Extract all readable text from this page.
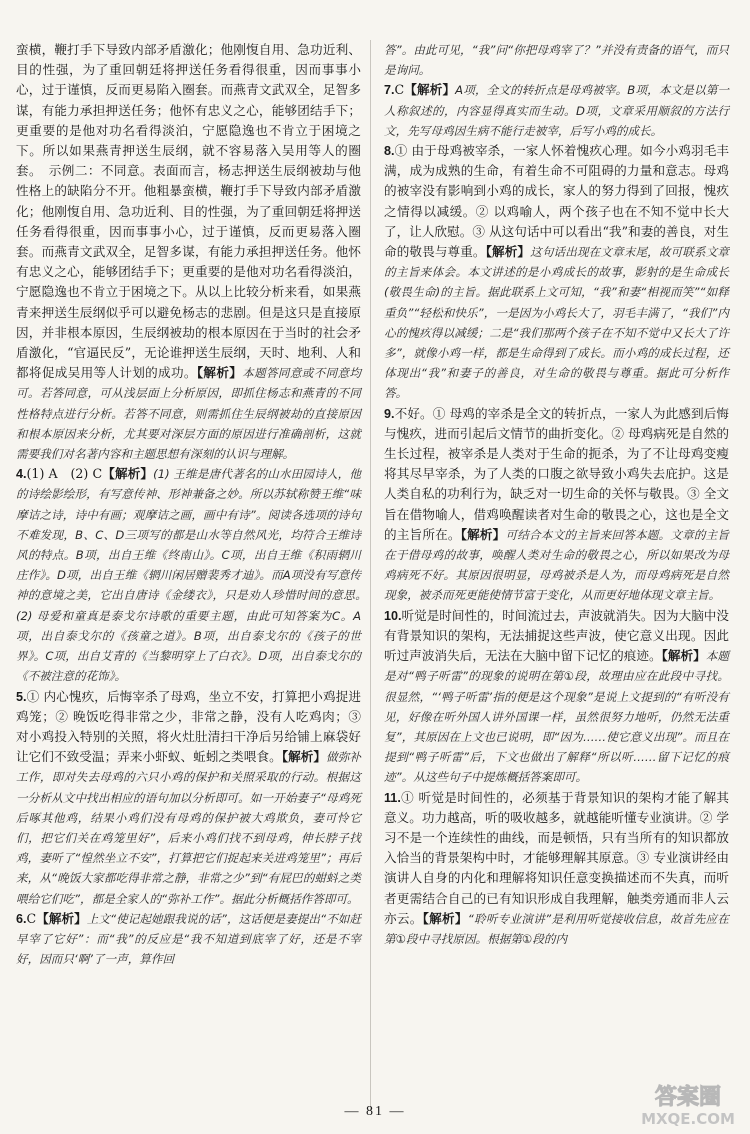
蛮横，鞭打手下导致内部矛盾激化；他刚愎自用、急功近利、目的性强，为了重回朝廷将押送任务看得很重，因而事事小心，过于谨慎，反而更易陷入圈套。而燕青文武双全，足智多谋，有能力承担押送任务；他怀有忠义之心，能够团结手下；更重要的是他对功名看得淡泊，宁愿隐逸也不肯立于困境之下。所以如果燕青押送生辰纲，就不容易落入吴用等人的圈套。　示例二：不同意。表面而言，杨志押送生辰纲被劫与他性格上的缺陷分不开。他粗暴蛮横，鞭打手下导致内部矛盾激化；他刚愎自用、急功近利、目的性强，为了重回朝廷将押送任务看得很重，因而事事小心，过于谨慎，反而更易落入圈套。而燕青文武双全，足智多谋，有能力承担押送任务。他怀有忠义之心，能够团结手下；更重要的是他对功名看得淡泊，宁愿隐逸也不肯立于困境之下。从以上比较分析来看，如果燕青来押送生辰纲似乎可以避免杨志的悲剧。但是这只是直接原因，并非根本原因，生辰纲被劫的根本原因在于当时的社会矛盾激化，“官逼民反”，无论谁押送生辰纲，天时、地利、人和都将促成吴用等人计划的成功。【解析】本题答同意或不同意均可。若答同意，可从浅层面上分析原因，即抓住杨志和燕青的不同性格特点进行分析。若答不同意，则需抓住生辰纲被劫的直接原因和根本原因来分析，尤其要对深层方面的原因进行准确剖析，这就需要我们对名著内容和主题思想有深刻的认识与理解。

4.(1) A　(2) C【解析】(1) 王维是唐代著名的山水田园诗人，他的诗绘影绘形，有写意传神、形神兼备之妙。所以苏轼称赞王维“味摩诘之诗，诗中有画；观摩诘之画，画中有诗”。阅读各选项的诗句不难发现，B、C、D三项写的都是山水等自然风光，均符合王维诗风的特点。B项，出自王维《终南山》。C项，出自王维《积雨辋川庄作》。D项，出自王维《辋川闲居赠裴秀才迪》。而A项没有写意传神的意境之美，它出自唐诗《金缕衣》，只是劝人珍惜时间的意思。　(2) 母爱和童真是泰戈尔诗歌的重要主题，由此可知答案为C。A项，出自泰戈尔的《孩童之道》。B项，出自泰戈尔的《孩子的世界》。C项，出自艾青的《当黎明穿上了白衣》。D项，出自泰戈尔的《不被注意的花饰》。

5.① 内心愧疚，后悔宰杀了母鸡，坐立不安，打算把小鸡捉进鸡笼；② 晚饭吃得非常之少，非常之静，没有人吃鸡肉；③ 对小鸡投入特别的关照，将火灶肚清扫干净后另给铺上麻袋好让它们不致受温；弄来小虾蚁、蚯蚓之类喂食。【解析】做弥补工作，即对失去母鸡的六只小鸡的保护和关照采取的行动。根据这一分析从文中找出相应的语句加以分析即可。如一开始妻子“母鸡死后啄其他鸡，结果小鸡们没有母鸡的保护被大鸡欺负，妻可怜它们，把它们关在鸡笼里好”，后来小鸡们找不到母鸡，伸长脖子找鸡，妻听了“惶然坐立不安”，打算把它们捉起来关进鸡笼里”；再后来，从“晚饭大家都吃得非常之静，非常之少”到“有屁巴的蚶蚪之类喂给它们吃”，都是全家人的“弥补工作”。据此分析概括作答即可。

6.C【解析】上文“使记起她跟我说的话”，这话便是妻提出“不如赶早宰了它好”：而“我”的反应是“我不知道到底宰了好，还是不宰好，因而只‘啊’了一声，算作回

答”。由此可见，“我”问“你把母鸡宰了？”并没有责备的语气，而只是询问。

7.C【解析】A项，全文的转折点是母鸡被宰。B项，本文是以第一人称叙述的，内容显得真实而生动。D项，文章采用顺叙的方法行文，先写母鸡因生病不能行走被宰，后写小鸡的成长。

8.① 由于母鸡被宰杀，一家人怀着愧疚心理。如今小鸡羽毛丰满，成为成熟的生命，有着生命不可阻碍的力量和意志。母鸡的被宰没有影响到小鸡的成长，家人的努力得到了回报，愧疚之情得以减缓。② 以鸡喻人，两个孩子也在不知不觉中长大了，让人欣慰。③ 从这句话中可以看出“我”和妻的善良，对生命的敬畏与尊重。【解析】这句话出现在文章末尾，故可联系文章的主旨来体会。本文讲述的是小鸡成长的故事，影射的是生命成长(敬畏生命)的主旨。据此联系上文可知，“我”和妻“相视而笑”“如释重负”“轻松和快乐”，一是因为小鸡长大了，羽毛丰满了，“我们”内心的愧疚得以减缓；二是“我们那两个孩子在不知不觉中又长大了许多”，就像小鸡一样，都是生命得到了成长。而小鸡的成长过程，还体现出“我”和妻子的善良，对生命的敬畏与尊重。据此可分析作答。

9.不好。① 母鸡的宰杀是全文的转折点，一家人为此感到后悔与愧疚，进而引起后文情节的曲折变化。② 母鸡病死是自然的生长过程，被宰杀是人类对于生命的扼杀，为了不让母鸡变瘦将其尽早宰杀，为了人类的口腹之欲导致小鸡失去庇护。这是人类自私的功利行为，缺乏对一切生命的关怀与敬畏。③ 全文旨在借物喻人，借鸡唤醒读者对生命的敬畏之心，这也是全文的主旨所在。【解析】可结合本文的主旨来回答本题。文章的主旨在于借母鸡的故事，唤醒人类对生命的敬畏之心，所以如果改为母鸡病死不好。其原因很明显，母鸡被杀是人为，而母鸡病死是自然现象，被杀而死更能使情节富于变化，从而更好地体现文章主旨。

10.听觉是时间性的，时间流过去，声波就消失。因为大脑中没有背景知识的架构，无法捕捉这些声波，使它意义出现。因此听过声波消失后，无法在大脑中留下记忆的痕迹。【解析】本题是对“鸭子听雷”的现象的说明在第①段，故理由应在此段中寻找。很显然，“‘鸭子听雷’指的便是这个现象”是说上文提到的“有听没有见，好像在听外国人讲外国课一样，虽然很努力地听，仍然无法重复”，其原因在上文也已说明，即“因为……使它意义出现”。而且在提到“鸭子听雷”后，下文也做出了解释“所以听……留下记忆的痕迹”。从这些句子中提炼概括答案即可。

11.① 听觉是时间性的，必须基于背景知识的架构才能了解其意义。功力越高，听的吸收越多，就越能听懂专业演讲。② 学习不是一个连续性的曲线，而是顿悟，只有当所有的知识都放入恰当的背景架构中时，才能够理解其原意。③ 专业演讲经由演讲人自身的内化和理解将知识任意变换描述而不失真，而听者更需结合自己的已有知识形成自我理解，触类旁通而非人云亦云。【解析】“聆听专业演讲”是利用听觉接收信息，故首先应在第①段中寻找原因。根据第①段的内

— 81 —
答案圈
MXQE.COM
